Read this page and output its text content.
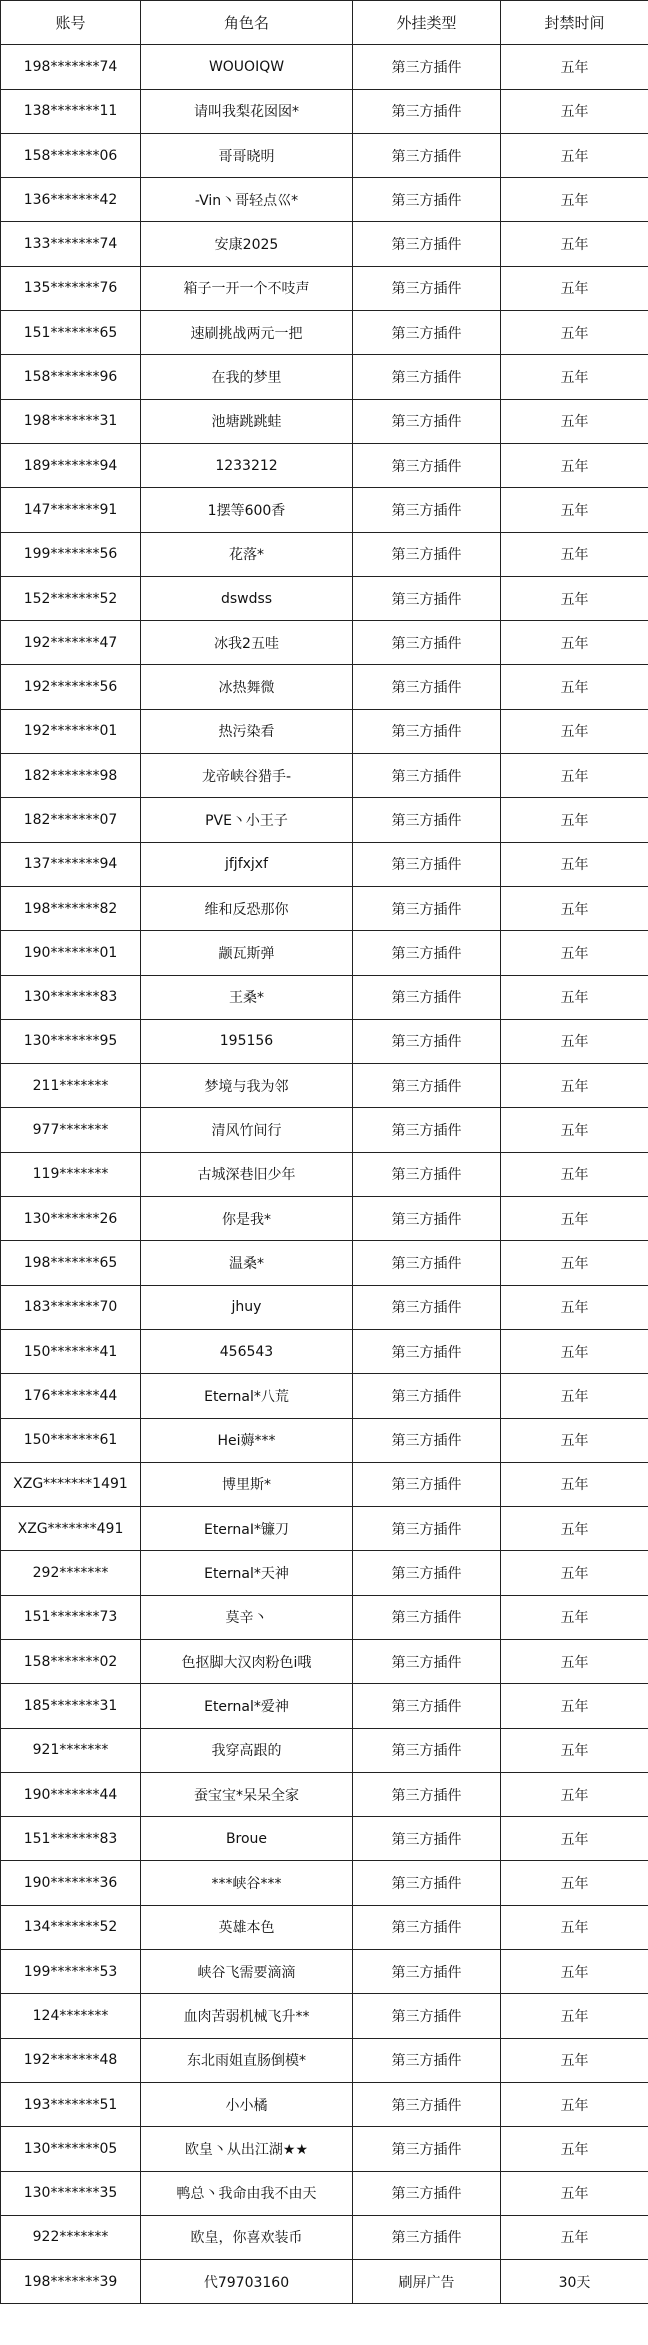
账号	角色名	外挂类型	封禁时间
198*******74	WOUOIQW	第三方插件	五年
138*******11	请叫我梨花囡囡*	第三方插件	五年
158*******06	哥哥晓明	第三方插件	五年
136*******42	-Vin丶哥轻点巛*	第三方插件	五年
133*******74	安康2025	第三方插件	五年
135*******76	箱子一开一个不吱声	第三方插件	五年
151*******65	速刷挑战两元一把	第三方插件	五年
158*******96	在我的梦里	第三方插件	五年
198*******31	池塘跳跳蛙	第三方插件	五年
189*******94	1233212	第三方插件	五年
147*******91	1摆等600香	第三方插件	五年
199*******56	花落*	第三方插件	五年
152*******52	dswdss	第三方插件	五年
192*******47	冰我2五哇	第三方插件	五年
192*******56	冰热舞微	第三方插件	五年
192*******01	热污染看	第三方插件	五年
182*******98	龙帝峡谷猎手-	第三方插件	五年
182*******07	PVE丶小王子	第三方插件	五年
137*******94	jfjfxjxf	第三方插件	五年
198*******82	维和反恐那你	第三方插件	五年
190*******01	颛瓦斯弹	第三方插件	五年
130*******83	王桑*	第三方插件	五年
130*******95	195156	第三方插件	五年
211*******	梦境与我为邻	第三方插件	五年
977*******	清风竹间行	第三方插件	五年
119*******	古城深巷旧少年	第三方插件	五年
130*******26	你是我*	第三方插件	五年
198*******65	温桑*	第三方插件	五年
183*******70	jhuy	第三方插件	五年
150*******41	456543	第三方插件	五年
176*******44	Eternal*八荒	第三方插件	五年
150*******61	Hei薅***	第三方插件	五年
XZG*******1491	博里斯*	第三方插件	五年
XZG*******491	EternaI*镰刀	第三方插件	五年
292*******	Eternal*天神	第三方插件	五年
151*******73	莫辛丶	第三方插件	五年
158*******02	色抠脚大汉肉粉色i哦	第三方插件	五年
185*******31	Eternal*爱神	第三方插件	五年
921*******	我穿高跟的	第三方插件	五年
190*******44	蚕宝宝*呆呆全家	第三方插件	五年
151*******83	Broue	第三方插件	五年
190*******36	***峡谷***	第三方插件	五年
134*******52	英雄本色	第三方插件	五年
199*******53	峡谷飞需要滴滴	第三方插件	五年
124*******	血肉苦弱机械飞升**	第三方插件	五年
192*******48	东北雨姐直肠倒模*	第三方插件	五年
193*******51	小小橘	第三方插件	五年
130*******05	欧皇丶从出江湖★★	第三方插件	五年
130*******35	鸭总丶我命由我不由天	第三方插件	五年
922*******	欧皇，你喜欢装币	第三方插件	五年
198*******39	代79703160	刷屏广告	30天
